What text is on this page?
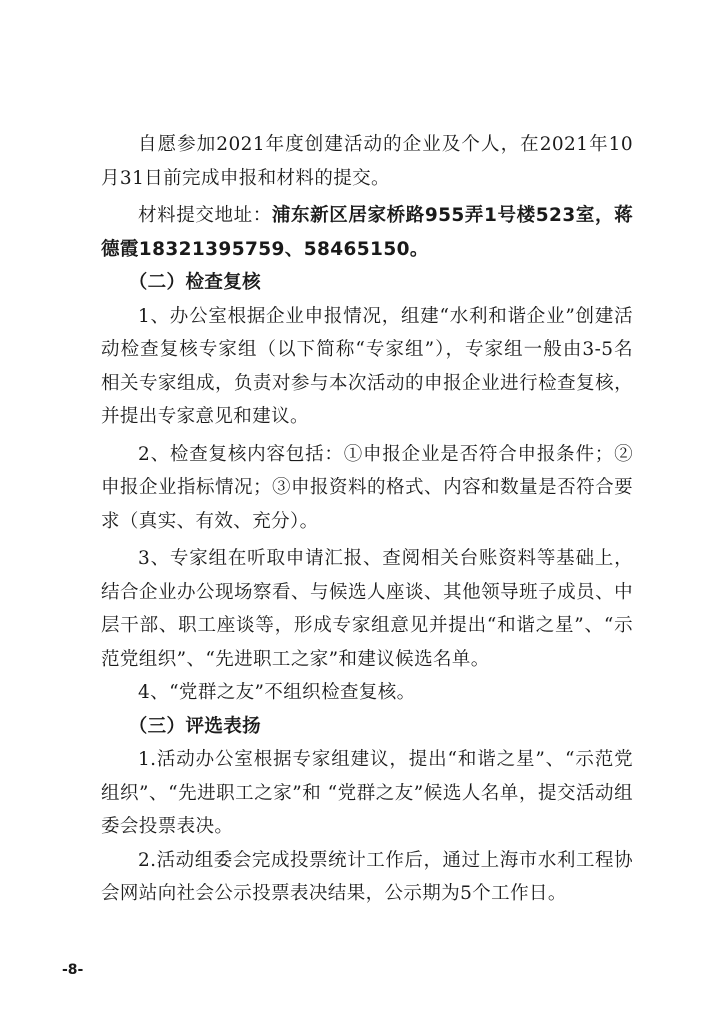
自愿参加2021年度创建活动的企业及个人，在2021年10月31日前完成申报和材料的提交。

材料提交地址：浦东新区居家桥路955弄1号楼523室，蒋德霞18321395759、58465150。

（二）检查复核

1、办公室根据企业申报情况，组建“水利和谐企业”创建活动检查复核专家组（以下简称“专家组”），专家组一般由3-5名相关专家组成，负责对参与本次活动的申报企业进行检查复核，并提出专家意见和建议。

2、检查复核内容包括：①申报企业是否符合申报条件；②申报企业指标情况；③申报资料的格式、内容和数量是否符合要求（真实、有效、充分）。

3、专家组在听取申请汇报、查阅相关台账资料等基础上，结合企业办公现场察看、与候选人座谈、其他领导班子成员、中层干部、职工座谈等，形成专家组意见并提出“和谐之星”、“示范党组织”、“先进职工之家”和建议候选名单。

4、“党群之友”不组织检查复核。

（三）评选表扬

1.活动办公室根据专家组建议，提出“和谐之星”、“示范党组织”、“先进职工之家”和 “党群之友”候选人名单，提交活动组委会投票表决。

2.活动组委会完成投票统计工作后，通过上海市水利工程协会网站向社会公示投票表决结果，公示期为5个工作日。

-8-
